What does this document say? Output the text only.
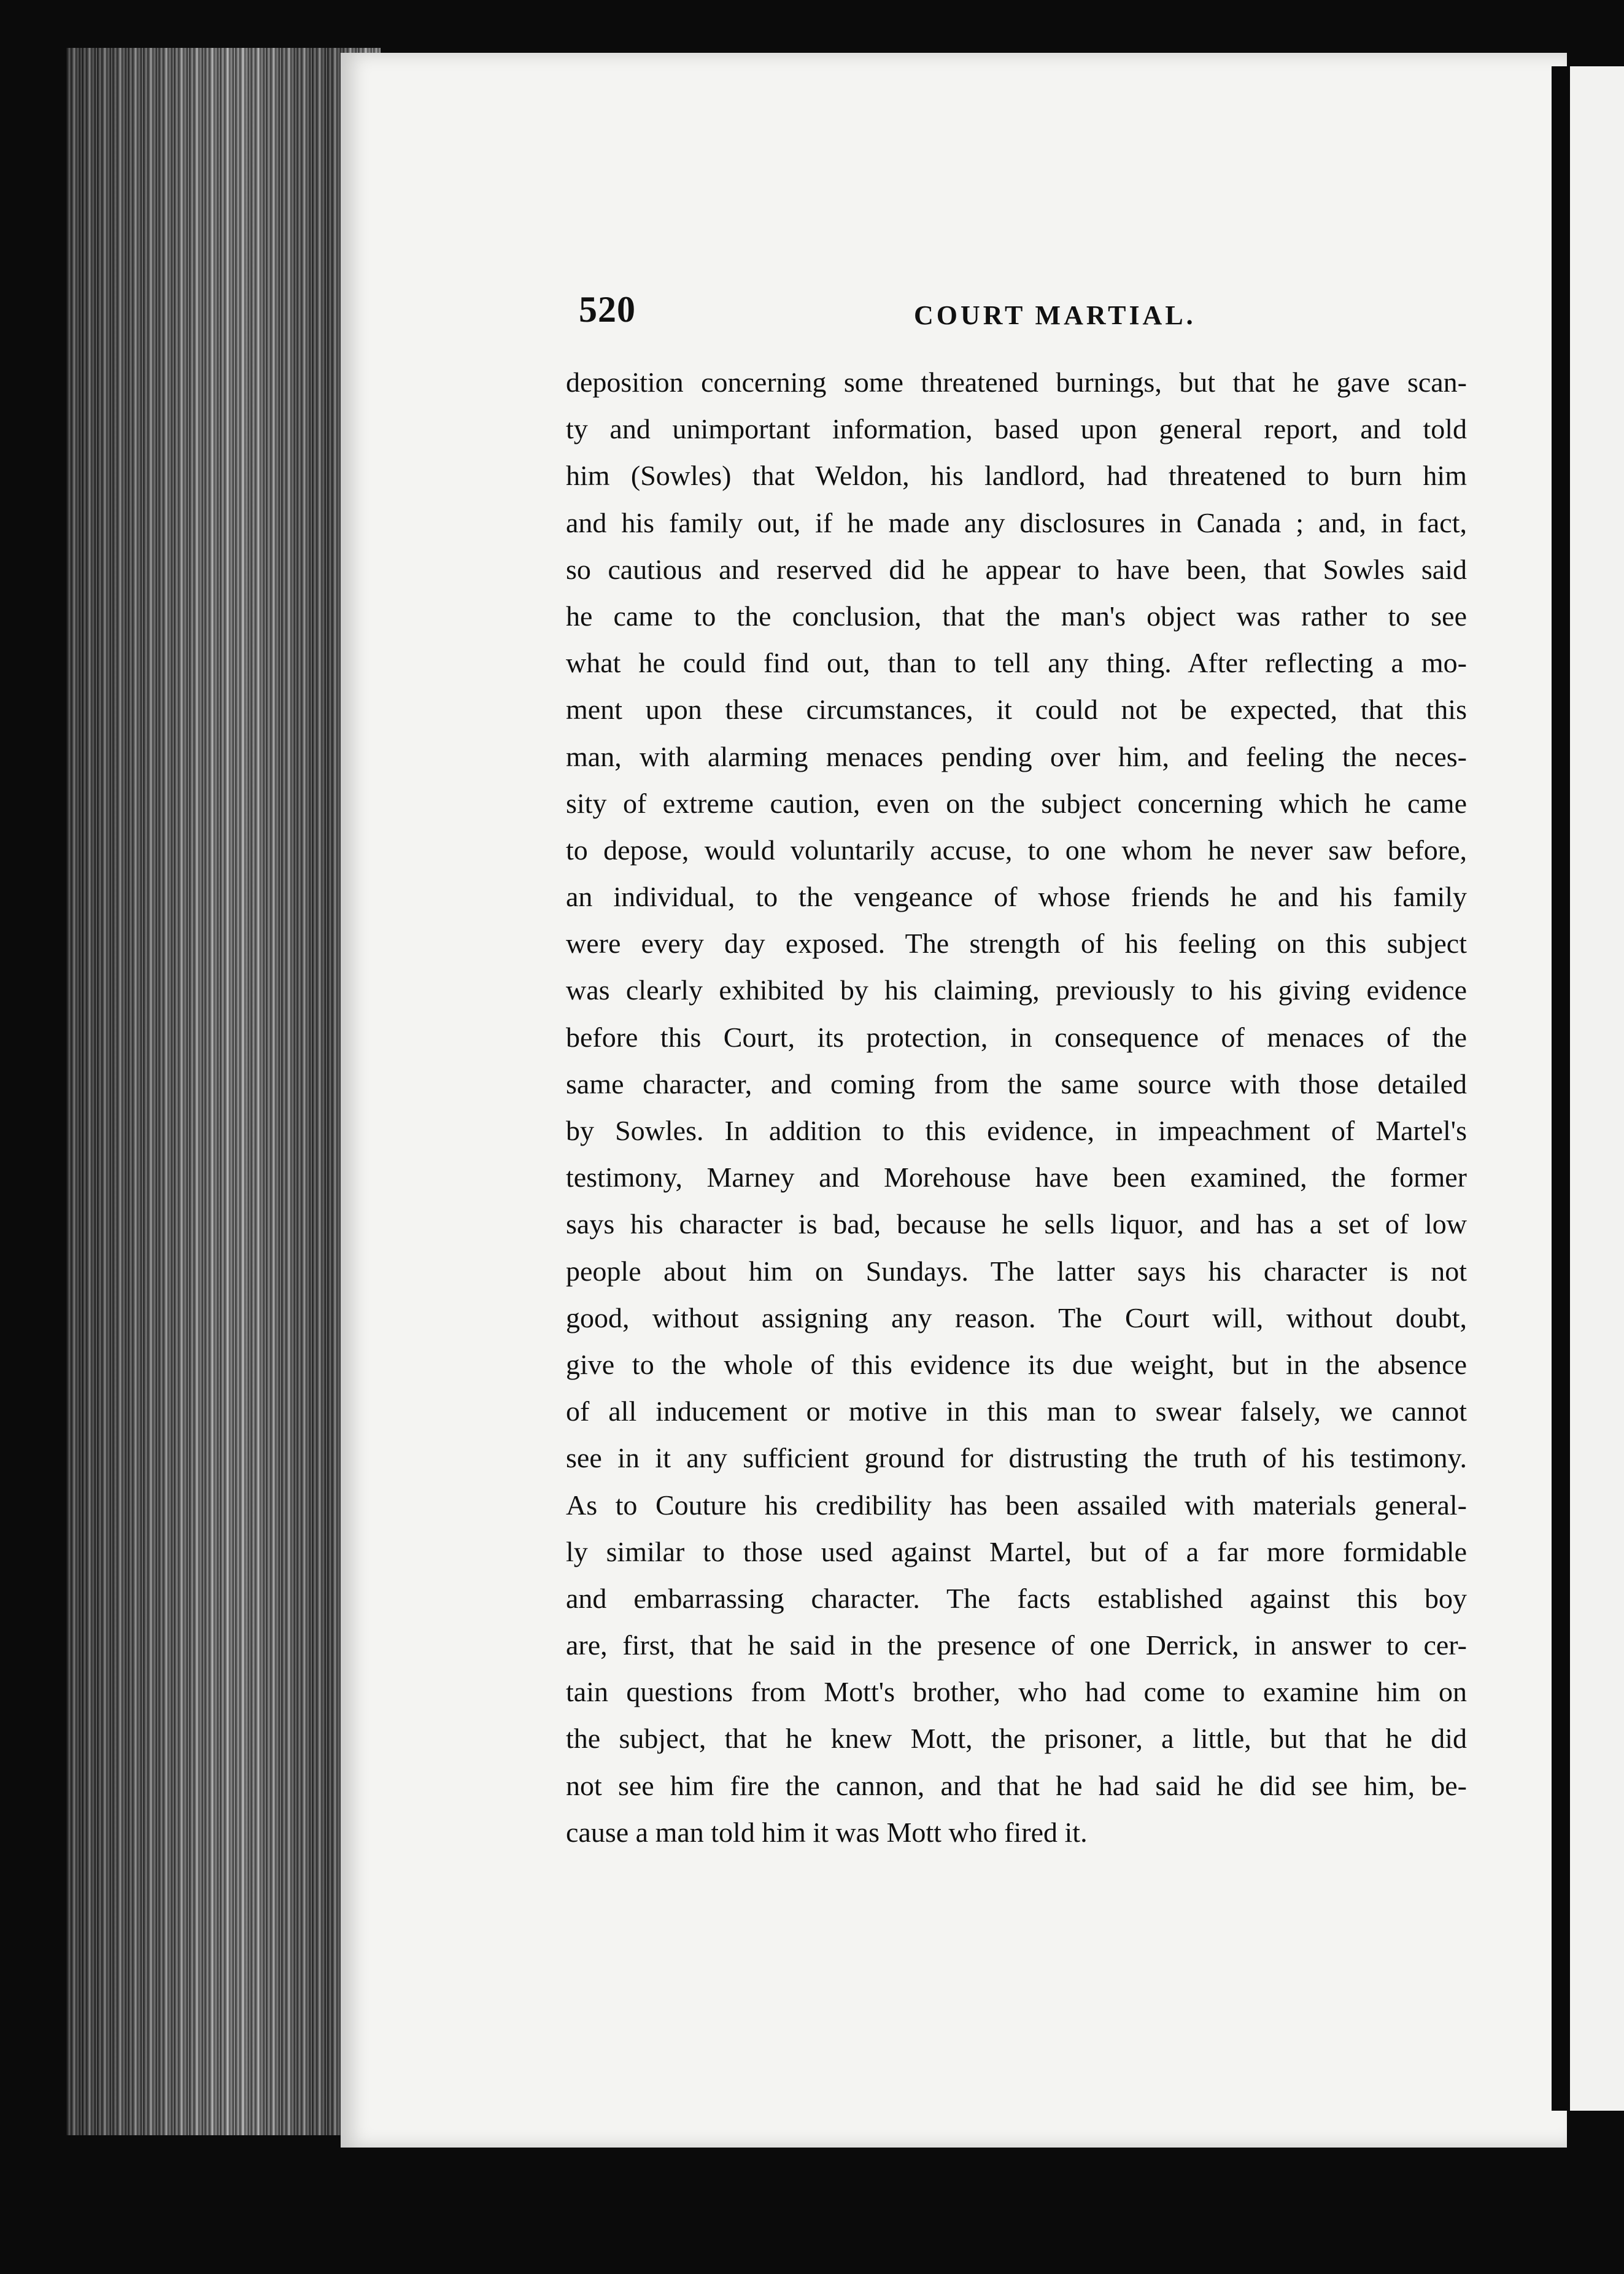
520	COURT MARTIAL.
deposition concerning some threatened burnings, but that he gave scan-
ty and unimportant information, based upon general report, and told
him (Sowles) that Weldon, his landlord, had threatened to burn him
and his family out, if he made any disclosures in Canada ; and, in fact,
so cautious and reserved did he appear to have been, that Sowles said
he came to the conclusion, that the man's object was rather to see
what he could find out, than to tell any thing. After reflecting a mo-
ment upon these circumstances, it could not be expected, that this
man, with alarming menaces pending over him, and feeling the neces-
sity of extreme caution, even on the subject concerning which he came
to depose, would voluntarily accuse, to one whom he never saw before,
an individual, to the vengeance of whose friends he and his family
were every day exposed. The strength of his feeling on this subject
was clearly exhibited by his claiming, previously to his giving evidence
before this Court, its protection, in consequence of menaces of the
same character, and coming from the same source with those detailed
by Sowles. In addition to this evidence, in impeachment of Martel's
testimony, Marney and Morehouse have been examined, the former
says his character is bad, because he sells liquor, and has a set of low
people about him on Sundays. The latter says his character is not
good, without assigning any reason. The Court will, without doubt,
give to the whole of this evidence its due weight, but in the absence
of all inducement or motive in this man to swear falsely, we cannot
see in it any sufficient ground for distrusting the truth of his testimony.
As to Couture his credibility has been assailed with materials general-
ly similar to those used against Martel, but of a far more formidable
and embarrassing character. The facts established against this boy
are, first, that he said in the presence of one Derrick, in answer to cer-
tain questions from Mott's brother, who had come to examine him on
the subject, that he knew Mott, the prisoner, a little, but that he did
not see him fire the cannon, and that he had said he did see him, be-
cause a man told him it was Mott who fired it.
